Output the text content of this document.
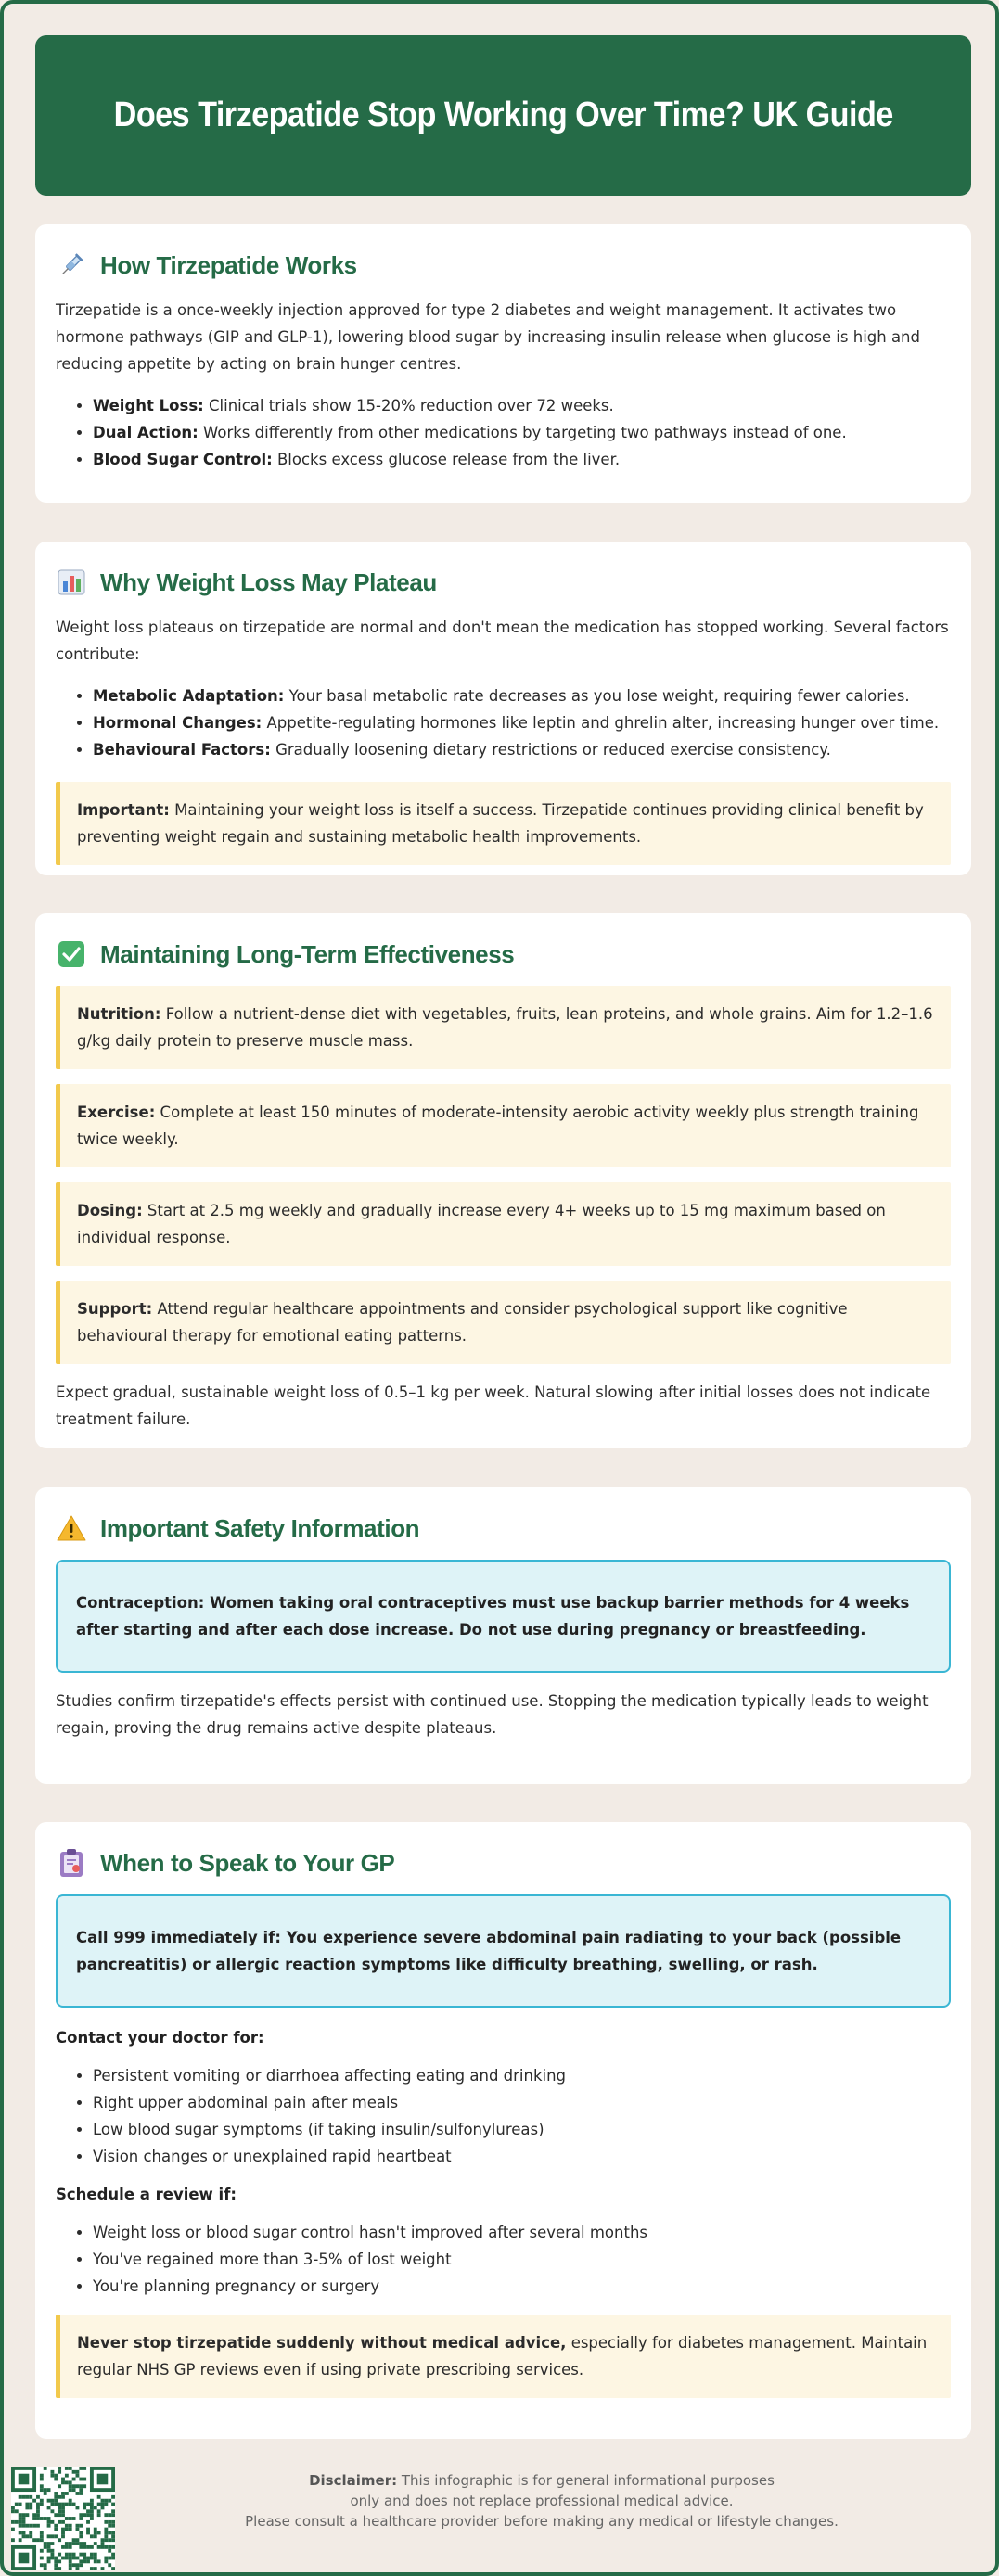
Does Tirzepatide Stop Working Over Time? UK Guide
How Tirzepatide Works

Tirzepatide is a once-weekly injection approved for type 2 diabetes and weight management. It activates two hormone pathways (GIP and GLP-1), lowering blood sugar by increasing insulin release when glucose is high and reducing appetite by acting on brain hunger centres.

• Weight Loss: Clinical trials show 15-20% reduction over 72 weeks.
• Dual Action: Works differently from other medications by targeting two pathways instead of one.
• Blood Sugar Control: Blocks excess glucose release from the liver.
Why Weight Loss May Plateau

Weight loss plateaus on tirzepatide are normal and don't mean the medication has stopped working. Several factors contribute:

• Metabolic Adaptation: Your basal metabolic rate decreases as you lose weight, requiring fewer calories.
• Hormonal Changes: Appetite-regulating hormones like leptin and ghrelin alter, increasing hunger over time.
• Behavioural Factors: Gradually loosening dietary restrictions or reduced exercise consistency.
Important: Maintaining your weight loss is itself a success. Tirzepatide continues providing clinical benefit by preventing weight regain and sustaining metabolic health improvements.
Maintaining Long-Term Effectiveness
Nutrition: Follow a nutrient-dense diet with vegetables, fruits, lean proteins, and whole grains. Aim for 1.2–1.6 g/kg daily protein to preserve muscle mass.
Exercise: Complete at least 150 minutes of moderate-intensity aerobic activity weekly plus strength training twice weekly.
Dosing: Start at 2.5 mg weekly and gradually increase every 4+ weeks up to 15 mg maximum based on individual response.
Support: Attend regular healthcare appointments and consider psychological support like cognitive behavioural therapy for emotional eating patterns.

Expect gradual, sustainable weight loss of 0.5–1 kg per week. Natural slowing after initial losses does not indicate treatment failure.

Important Safety Information
Contraception: Women taking oral contraceptives must use backup barrier methods for 4 weeks after starting and after each dose increase. Do not use during pregnancy or breastfeeding.

Studies confirm tirzepatide's effects persist with continued use. Stopping the medication typically leads to weight regain, proving the drug remains active despite plateaus.

When to Speak to Your GP
Call 999 immediately if: You experience severe abdominal pain radiating to your back (possible pancreatitis) or allergic reaction symptoms like difficulty breathing, swelling, or rash.

Contact your doctor for:

• Persistent vomiting or diarrhoea affecting eating and drinking
• Right upper abdominal pain after meals
• Low blood sugar symptoms (if taking insulin/sulfonylureas)
• Vision changes or unexplained rapid heartbeat

Schedule a review if:

• Weight loss or blood sugar control hasn't improved after several months
• You've regained more than 3-5% of lost weight
• You're planning pregnancy or surgery
Never stop tirzepatide suddenly without medical advice, especially for diabetes management. Maintain regular NHS GP reviews even if using private prescribing services.
Disclaimer: This infographic is for general informational purposes
only and does not replace professional medical advice.
Please consult a healthcare provider before making any medical or lifestyle changes.
